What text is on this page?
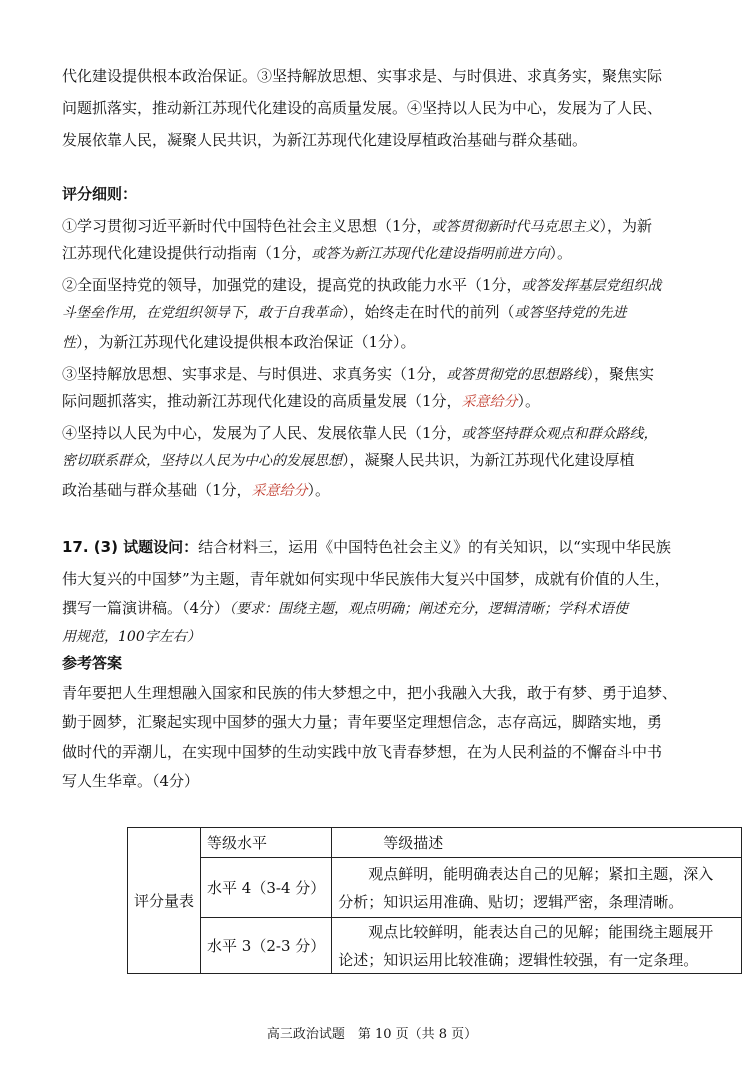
代化建设提供根本政治保证。③坚持解放思想、实事求是、与时俱进、求真务实，聚焦实际
问题抓落实，推动新江苏现代化建设的高质量发展。④坚持以人民为中心，发展为了人民、
发展依靠人民，凝聚人民共识，为新江苏现代化建设厚植政治基础与群众基础。
评分细则：
①学习贯彻习近平新时代中国特色社会主义思想（1分，或答贯彻新时代马克思主义），为新
江苏现代化建设提供行动指南（1分，或答为新江苏现代化建设指明前进方向）。
②全面坚持党的领导，加强党的建设，提高党的执政能力水平（1分，或答发挥基层党组织战
斗堡垒作用，在党组织领导下，敢于自我革命），始终走在时代的前列（或答坚持党的先进
性），为新江苏现代化建设提供根本政治保证（1分）。
③坚持解放思想、实事求是、与时俱进、求真务实（1分，或答贯彻党的思想路线），聚焦实
际问题抓落实，推动新江苏现代化建设的高质量发展（1分，采意给分）。
④坚持以人民为中心，发展为了人民、发展依靠人民（1分，或答坚持群众观点和群众路线，
密切联系群众，坚持以人民为中心的发展思想），凝聚人民共识，为新江苏现代化建设厚植
政治基础与群众基础（1分，采意给分）。
17. (3) 试题设问：结合材料三，运用《中国特色社会主义》的有关知识，以“实现中华民族
伟大复兴的中国梦”为主题，青年就如何实现中华民族伟大复兴中国梦，成就有价值的人生，
撰写一篇演讲稿。（4分）（要求：围绕主题，观点明确；阐述充分，逻辑清晰；学科术语使
用规范，100字左右）
参考答案
青年要把人生理想融入国家和民族的伟大梦想之中，把小我融入大我，敢于有梦、勇于追梦、
勤于圆梦，汇聚起实现中国梦的强大力量；青年要坚定理想信念，志存高远，脚踏实地，勇
做时代的弄潮儿，在实现中国梦的生动实践中放飞青春梦想，在为人民利益的不懈奋斗中书
写人生华章。（4分）
评分量表	等级水平	　　　等级描述
	水平 4（3-4 分）	　　观点鲜明，能明确表达自己的见解；紧扣主题，深入
分析；知识运用准确、贴切；逻辑严密，条理清晰。

	水平 3（2-3 分）	　　观点比较鲜明，能表达自己的见解；能围绕主题展开
论述；知识运用比较准确；逻辑性较强，有一定条理。
高三政治试题　第 10 页（共 8 页）
